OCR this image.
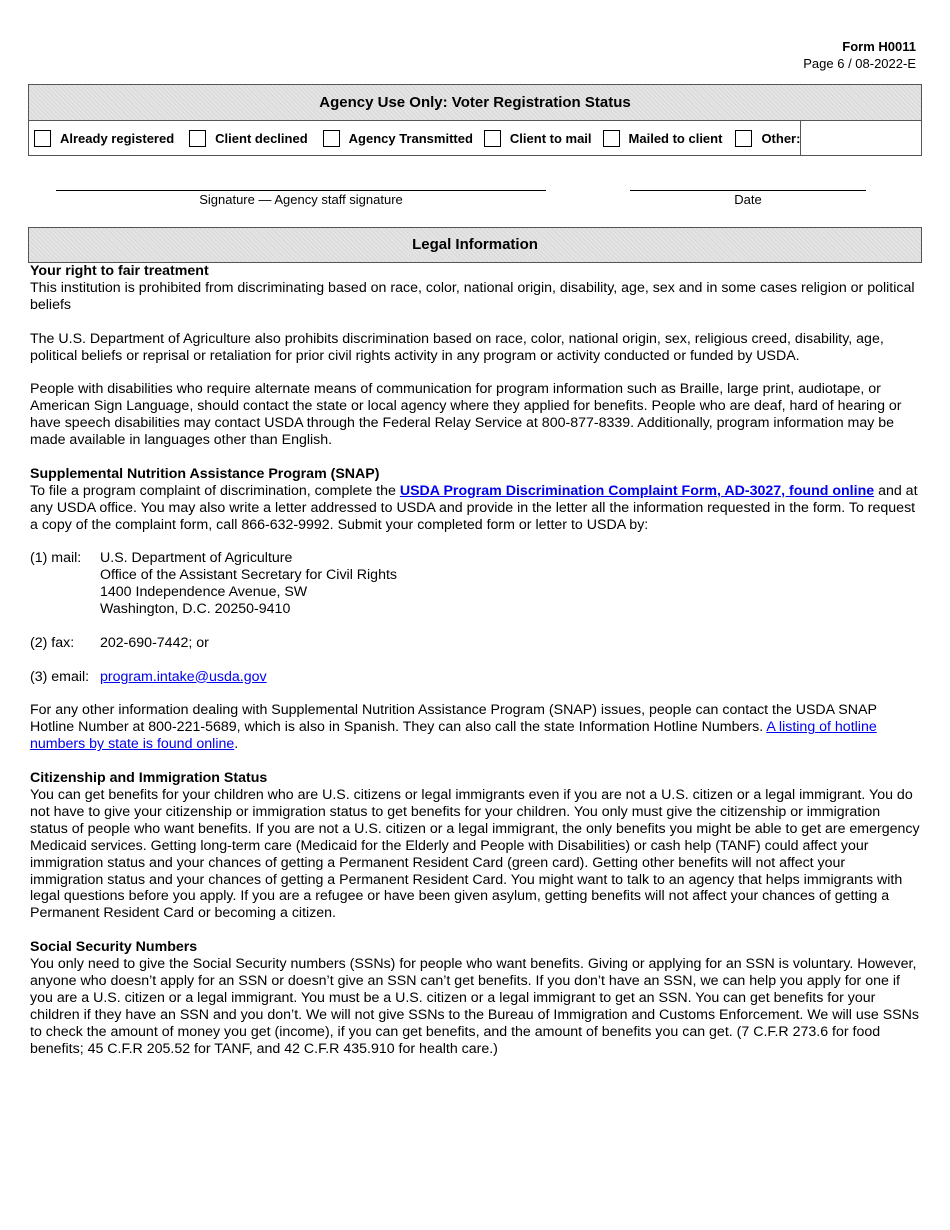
Form H0011
Page 6 / 08-2022-E
Agency Use Only: Voter Registration Status
Already registered	Client declined	Agency Transmitted	Client to mail	Mailed to client	Other:
Signature — Agency staff signature	Date
Legal Information
Your right to fair treatment

This institution is prohibited from discriminating based on race, color, national origin, disability, age, sex and in some cases religion or political beliefs

The U.S. Department of Agriculture also prohibits discrimination based on race, color, national origin, sex, religious creed, disability, age, political beliefs or reprisal or retaliation for prior civil rights activity in any program or activity conducted or funded by USDA.

People with disabilities who require alternate means of communication for program information such as Braille, large print, audiotape, or American Sign Language, should contact the state or local agency where they applied for benefits. People who are deaf, hard of hearing or have speech disabilities may contact USDA through the Federal Relay Service at 800-877-8339. Additionally, program information may be made available in languages other than English.

Supplemental Nutrition Assistance Program (SNAP)

To file a program complaint of discrimination, complete the USDA Program Discrimination Complaint Form, AD-3027, found online and at any USDA office. You may also write a letter addressed to USDA and provide in the letter all the information requested in the form. To request a copy of the complaint form, call 866-632-9992. Submit your completed form or letter to USDA by:

(1) mail:	U.S. Department of Agriculture
Office of the Assistant Secretary for Civil Rights
1400 Independence Avenue, SW
Washington, D.C. 20250-9410
(2) fax:	202-690-7442; or
(3) email: program.intake@usda.gov

For any other information dealing with Supplemental Nutrition Assistance Program (SNAP) issues, people can contact the USDA SNAP Hotline Number at 800-221-5689, which is also in Spanish. They can also call the state Information Hotline Numbers. A listing of hotline numbers by state is found online.

Citizenship and Immigration Status

You can get benefits for your children who are U.S. citizens or legal immigrants even if you are not a U.S. citizen or a legal immigrant. You do not have to give your citizenship or immigration status to get benefits for your children. You only must give the citizenship or immigration status of people who want benefits. If you are not a U.S. citizen or a legal immigrant, the only benefits you might be able to get are emergency Medicaid services. Getting long-term care (Medicaid for the Elderly and People with Disabilities) or cash help (TANF) could affect your immigration status and your chances of getting a Permanent Resident Card (green card). Getting other benefits will not affect your immigration status and your chances of getting a Permanent Resident Card. You might want to talk to an agency that helps immigrants with legal questions before you apply. If you are a refugee or have been given asylum, getting benefits will not affect your chances of getting a Permanent Resident Card or becoming a citizen.

Social Security Numbers

You only need to give the Social Security numbers (SSNs) for people who want benefits. Giving or applying for an SSN is voluntary. However, anyone who doesn’t apply for an SSN or doesn’t give an SSN can’t get benefits. If you don’t have an SSN, we can help you apply for one if you are a U.S. citizen or a legal immigrant. You must be a U.S. citizen or a legal immigrant to get an SSN. You can get benefits for your children if they have an SSN and you don’t. We will not give SSNs to the Bureau of Immigration and Customs Enforcement. We will use SSNs to check the amount of money you get (income), if you can get benefits, and the amount of benefits you can get. (7 C.F.R 273.6 for food benefits; 45 C.F.R 205.52 for TANF, and 42 C.F.R 435.910 for health care.)
